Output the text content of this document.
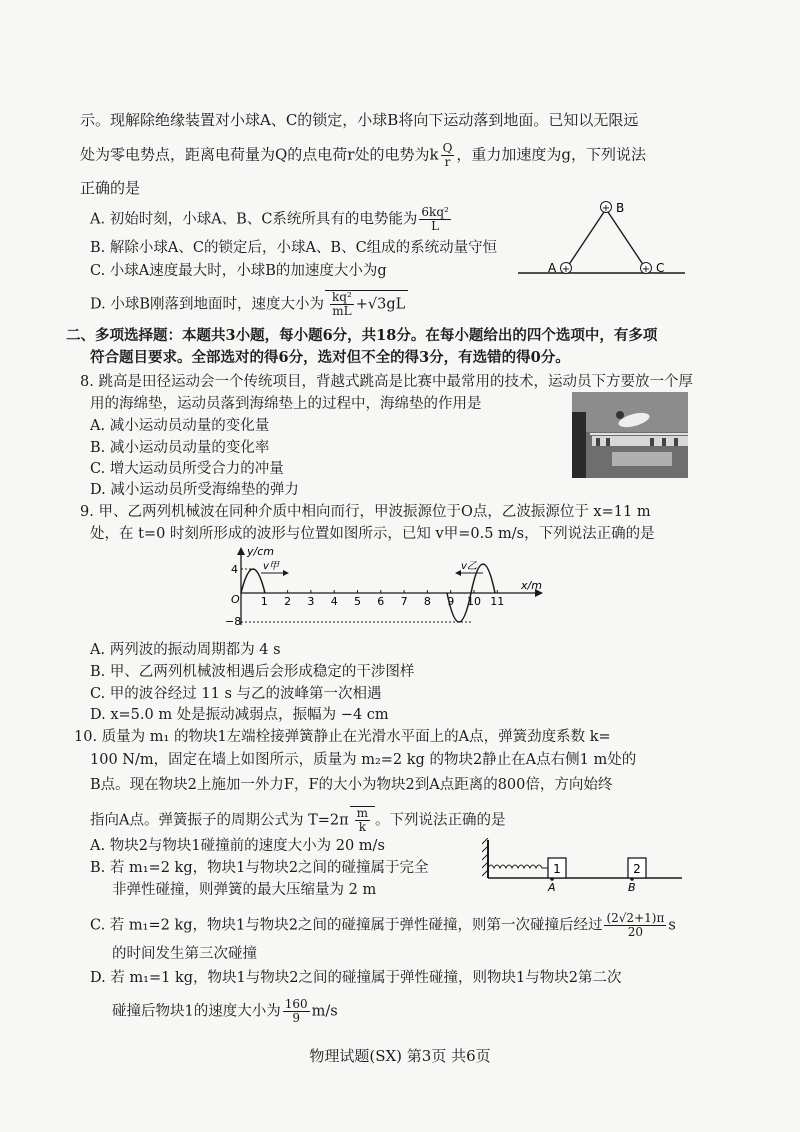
示。现解除绝缘装置对小球A、C的锁定，小球B将向下运动落到地面。已知以无限远
处为零电势点，距离电荷量为Q的点电荷r处的电势为k $\frac{Q}{r}$ ，重力加速度为g，下列说法
正确的是
A. 初始时刻，小球A、B、C系统所具有的电势能为 $\frac{\text{6kq²}}{L}$
B. 解除小球A、C的锁定后，小球A、B、C组成的系统动量守恒
C. 小球A速度最大时，小球B的加速度大小为g
D. 小球B刚落到地面时，速度大小为 $\frac{\text{kq²}}{mL} +√3gL$
+ B
+
A	+ C
二、多项选择题：本题共3小题，每小题6分，共18分。在每小题给出的四个选项中，有多项
符合题目要求。全部选对的得6分，选对但不全的得3分，有选错的得0分。
8. 跳高是田径运动会一个传统项目，背越式跳高是比赛中最常用的技术，运动员下方要放一个厚
用的海绵垫，运动员落到海绵垫上的过程中，海绵垫的作用是
A. 减小运动员动量的变化量
B. 减小运动员动量的变化率
C. 增大运动员所受合力的冲量
D. 减小运动员所受海绵垫的弹力
9. 甲、乙两列机械波在同种介质中相向而行，甲波振源位于O点，乙波振源位于 x=11 m
处，在 t=0 时刻所形成的波形与位置如图所示，已知 v甲=0.5 m/s，下列说法正确的是
y/cm
x/m
O
4
−8
1 2 3 4 5 6 7 8 9 10 11
v甲	v乙
A. 两列波的振动周期都为 4 s
B. 甲、乙两列机械波相遇后会形成稳定的干涉图样
C. 甲的波谷经过 11 s 与乙的波峰第一次相遇
D. x=5.0 m 处是振动减弱点，振幅为 −4 cm
10. 质量为 m₁ 的物块1左端栓接弹簧静止在光滑水平面上的A点，弹簧劲度系数 k=
100 N/m，固定在墙上如图所示，质量为 m₂=2 kg 的物块2静止在A点右侧1 m处的
B点。现在物块2上施加一外力F，F的大小为物块2到A点距离的800倍，方向始终
指向A点。弹簧振子的周期公式为 $T=2\pi \frac{m}{k}$ 。下列说法正确的是
A. 物块2与物块1碰撞前的速度大小为 20 m/s
B. 若 m₁=2 kg，物块1与物块2之间的碰撞属于完全
非弹性碰撞，则弹簧的最大压缩量为 2 m
1	2
A	B
C. 若 m₁=2 kg，物块1与物块2之间的碰撞属于弹性碰撞，则第一次碰撞后经过 $\frac{(2√2+1)\pi}{20}$ s
的时间发生第三次碰撞
D. 若 m₁=1 kg，物块1与物块2之间的碰撞属于弹性碰撞，则物块1与物块2第二次
碰撞后物块1的速度大小为 $\frac{160}{9} m/s$
物理试题(SX) 第3页 共6页
